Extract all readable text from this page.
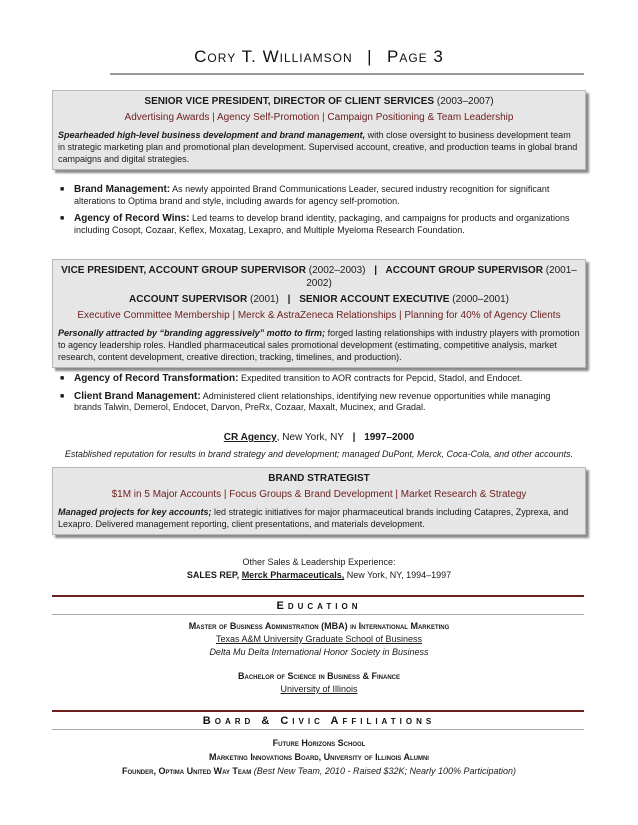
Cory T. Williamson | Page 3
SENIOR VICE PRESIDENT, DIRECTOR OF CLIENT SERVICES (2003–2007)
Advertising Awards | Agency Self-Promotion | Campaign Positioning & Team Leadership
Spearheaded high-level business development and brand management, with close oversight to business development team in strategic marketing plan and promotional plan development. Supervised account, creative, and production teams in global brand campaigns and digital strategies.
■ Brand Management: As newly appointed Brand Communications Leader, secured industry recognition for significant alterations to Optima brand and style, including awards for agency self-promotion.
■ Agency of Record Wins: Led teams to develop brand identity, packaging, and campaigns for products and organizations including Cosopt, Cozaar, Keflex, Moxatag, Lexapro, and Multiple Myeloma Research Foundation.
VICE PRESIDENT, ACCOUNT GROUP SUPERVISOR (2002–2003) | ACCOUNT GROUP SUPERVISOR (2001–2002)
ACCOUNT SUPERVISOR (2001) | SENIOR ACCOUNT EXECUTIVE (2000–2001)
Executive Committee Membership | Merck & AstraZeneca Relationships | Planning for 40% of Agency Clients
Personally attracted by “branding aggressively” motto to firm; forged lasting relationships with industry players with promotion to agency leadership roles. Handled pharmaceutical sales promotional development (estimating, competitive analysis, market research, content development, creative direction, tracking, timelines, and production).
■ Agency of Record Transformation: Expedited transition to AOR contracts for Pepcid, Stadol, and Endocet.
■ Client Brand Management: Administered client relationships, identifying new revenue opportunities while managing brands Talwin, Demerol, Endocet, Darvon, PreRx, Cozaar, Maxalt, Mucinex, and Gradal.
CR Agency, New York, NY | 1997–2000
Established reputation for results in brand strategy and development; managed DuPont, Merck, Coca-Cola, and other accounts.
BRAND STRATEGIST
$1M in 5 Major Accounts | Focus Groups & Brand Development | Market Research & Strategy
Managed projects for key accounts; led strategic initiatives for major pharmaceutical brands including Catapres, Zyprexa, and Lexapro. Delivered management reporting, client presentations, and materials development.
Other Sales & Leadership Experience:
SALES REP, Merck Pharmaceuticals, New York, NY, 1994–1997
Education
Master of Business Administration (MBA) in International Marketing
Texas A&M University Graduate School of Business
Delta Mu Delta International Honor Society in Business
Bachelor of Science in Business & Finance
University of Illinois
Board & Civic Affiliations
Future Horizons School
Marketing Innovations Board, University of Illinois Alumni
Founder, Optima United Way Team (Best New Team, 2010 - Raised $32K; Nearly 100% Participation)
